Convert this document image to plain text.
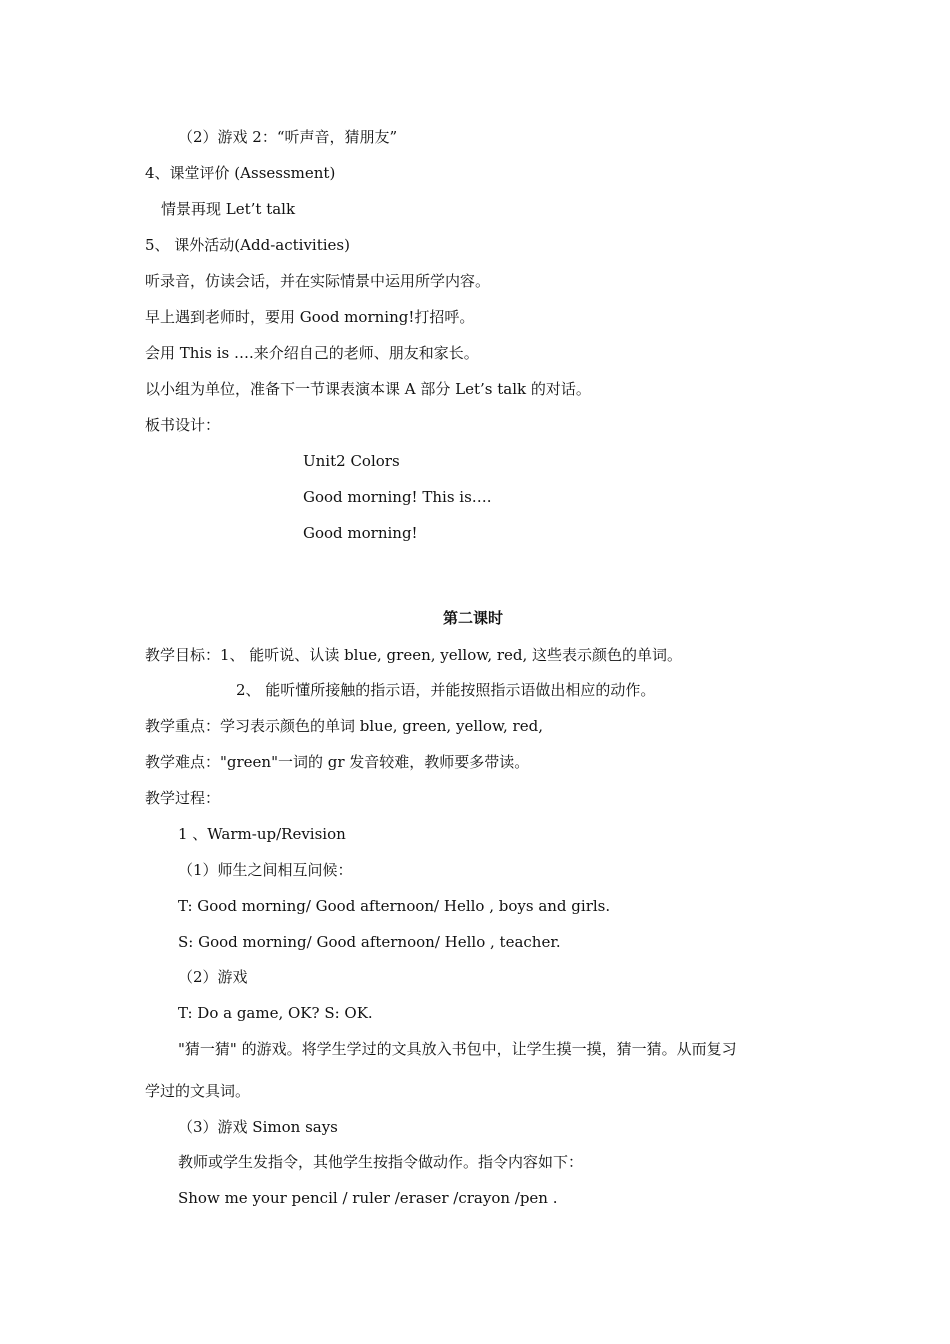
（2）游戏 2：“听声音，猜朋友”
4、课堂评价 (Assessment)
情景再现 Let’t talk
5、 课外活动(Add-activities)
听录音，仿读会话，并在实际情景中运用所学内容。
早上遇到老师时，要用 Good morning!打招呼。
会用 This is ….来介绍自己的老师、朋友和家长。
以小组为单位，准备下一节课表演本课 A 部分 Let’s talk 的对话。
板书设计：
Unit2 Colors
Good morning! This is….
Good morning!
第二课时
教学目标：1、 能听说、认读 blue, green, yellow, red, 这些表示颜色的单词。
2、 能听懂所接触的指示语，并能按照指示语做出相应的动作。
教学重点：学习表示颜色的单词 blue, green, yellow, red,
教学难点："green"一词的 gr 发音较难，教师要多带读。
教学过程：
1 、Warm-up/Revision
（1）师生之间相互问候：
T: Good morning/ Good afternoon/ Hello , boys and girls.
S: Good morning/ Good afternoon/ Hello , teacher.
（2）游戏
T: Do a game, OK? S: OK.
"猜一猜" 的游戏。将学生学过的文具放入书包中，让学生摸一摸，猜一猜。从而复习
学过的文具词。
（3）游戏 Simon says
教师或学生发指令，其他学生按指令做动作。指令内容如下：
Show me your pencil / ruler /eraser /crayon /pen .
